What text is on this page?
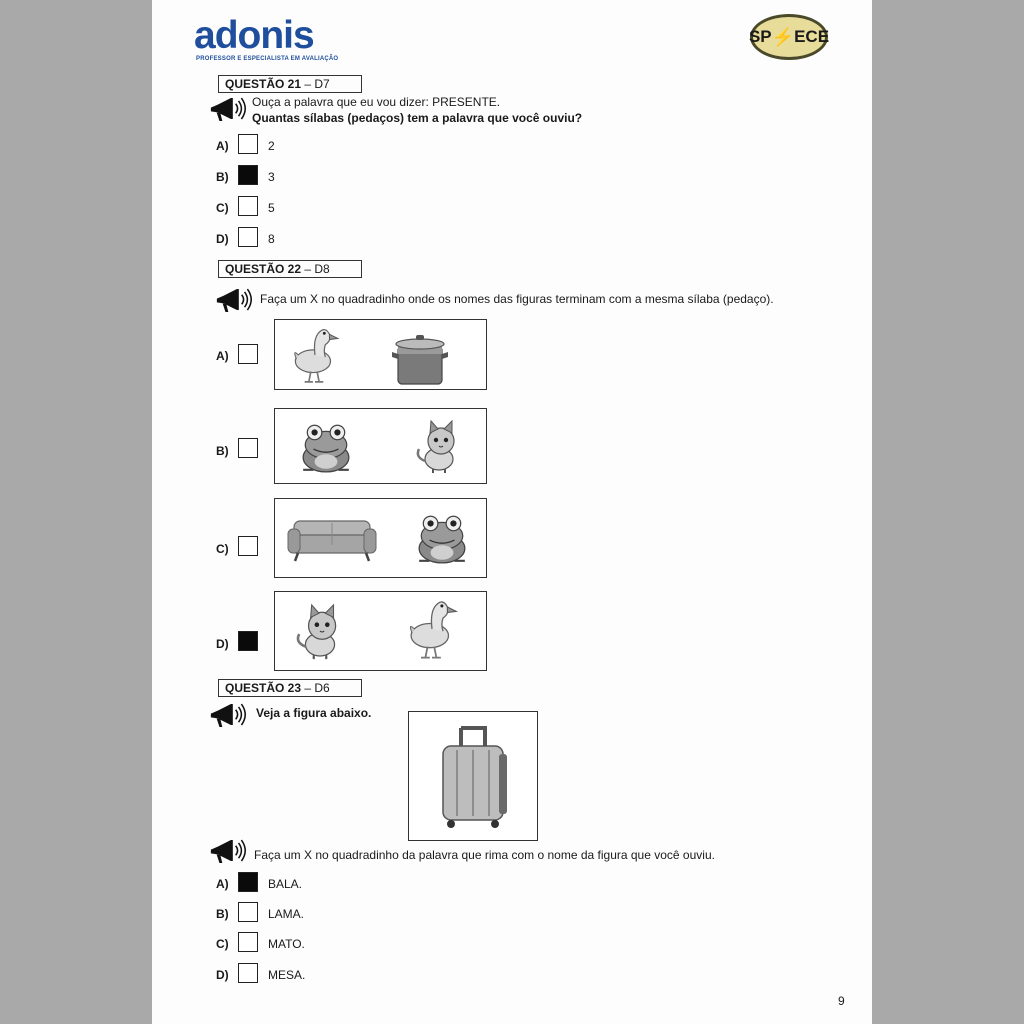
adonis
PROFESSOR E ESPECIALISTA EM AVALIAÇÃO
SP ⚡ ECE
QUESTÃO 21 – D7
Ouça a palavra que eu vou dizer: PRESENTE.
Quantas sílabas (pedaços) tem a palavra que você ouviu?
A)	2
B)	3
C)	5
D)	8
QUESTÃO 22 – D8
Faça um X no quadradinho onde os nomes das figuras terminam com a mesma sílaba (pedaço).
A)
B)
C)
D)
QUESTÃO 23 – D6
Veja a figura abaixo.
Faça um X no quadradinho da palavra que rima com o nome da figura que você ouviu.
A)	BALA.
B)	LAMA.
C)	MATO.
D)	MESA.
9
